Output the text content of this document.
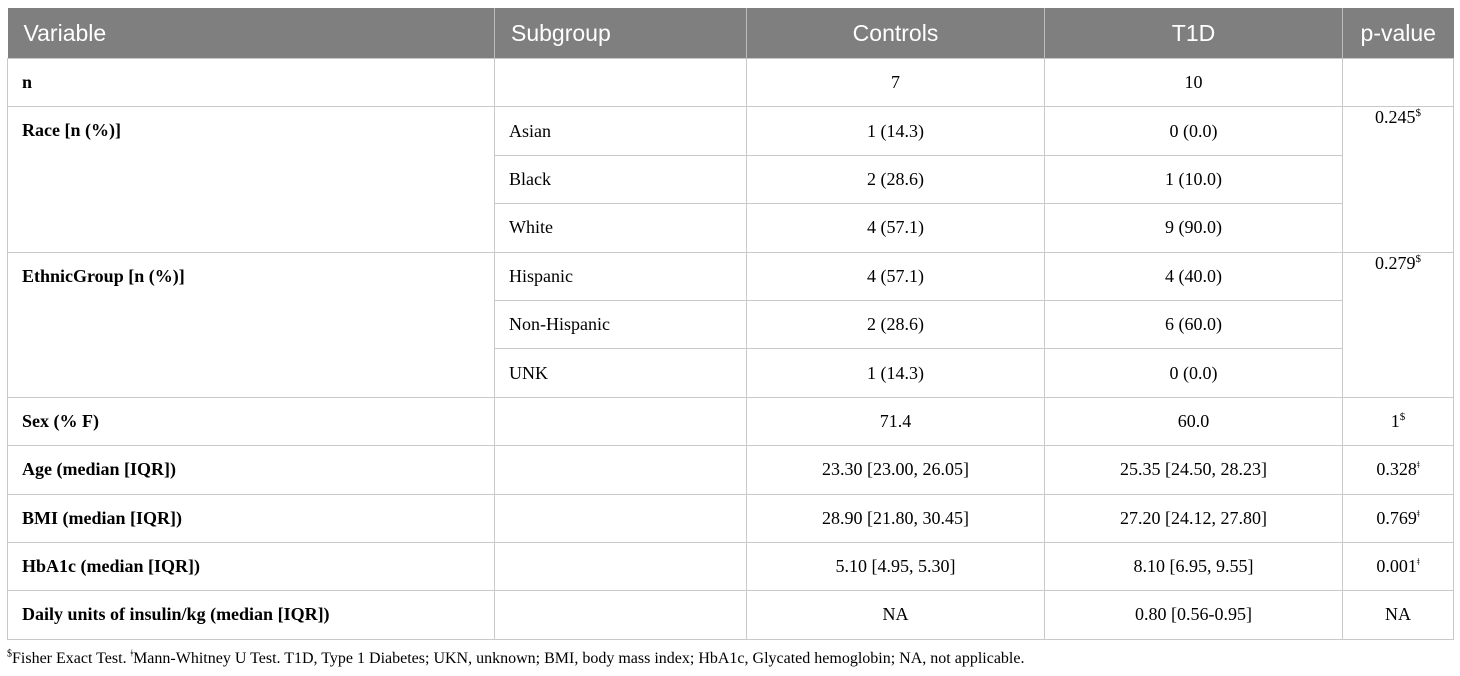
Variable	Subgroup	Controls	T1D	p-value
n		7	10	
Race [n (%)]	Asian	1 (14.3)	0 (0.0)	0.245$
	Black	2 (28.6)	1 (10.0)	
	White	4 (57.1)	9 (90.0)	
EthnicGroup [n (%)]	Hispanic	4 (57.1)	4 (40.0)	0.279$
	Non-Hispanic	2 (28.6)	6 (60.0)	
	UNK	1 (14.3)	0 (0.0)	
Sex (% F)		71.4	60.0	1$
Age (median [IQR])		23.30 [23.00, 26.05]	25.35 [24.50, 28.23]	$0.328^ǂ$
BMI (median [IQR])		28.90 [21.80, 30.45]	27.20 [24.12, 27.80]	$0.769^ǂ$
HbA1c (median [IQR])		5.10 [4.95, 5.30]	8.10 [6.95, 9.55]	$0.001^ǂ$
Daily units of insulin/kg (median [IQR])		NA	0.80 [0.56-0.95]	NA
$Fisher Exact Test. $^ǂ$Mann-Whitney U Test. T1D, Type 1 Diabetes; UKN, unknown; BMI, body mass index; HbA1c, Glycated hemoglobin; NA, not applicable.
